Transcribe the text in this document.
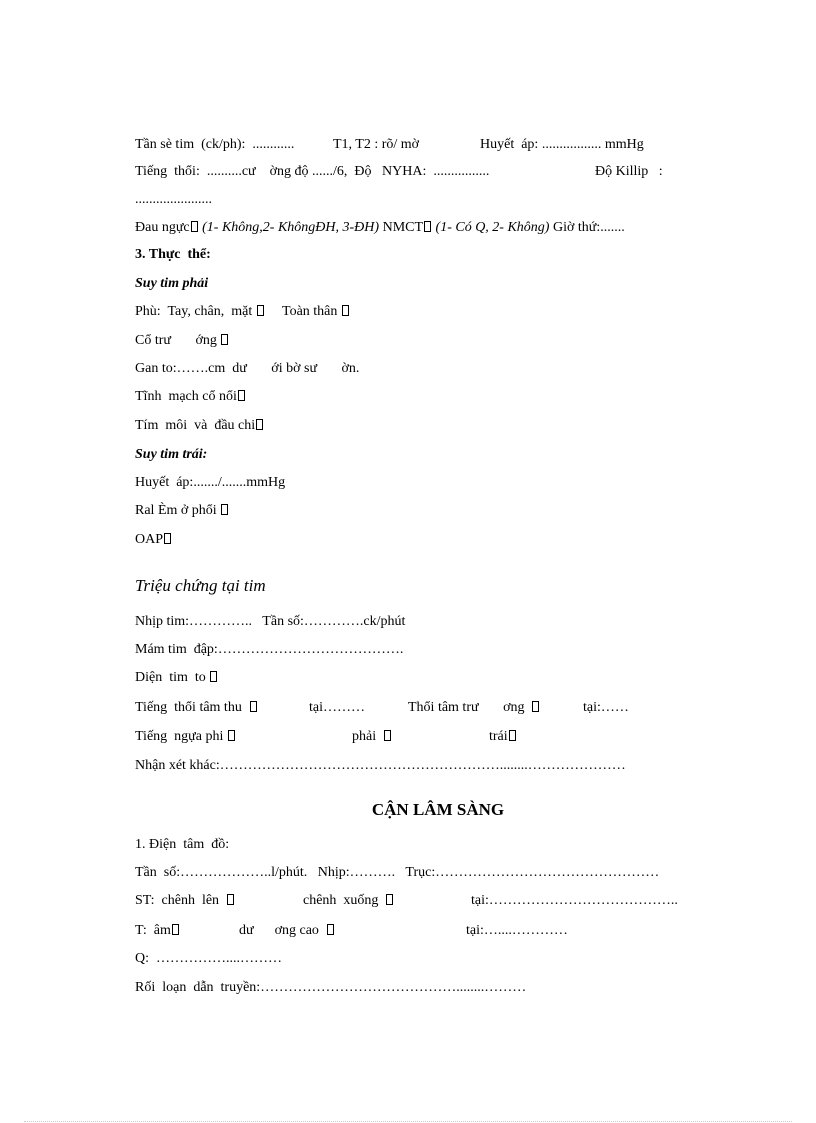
Tần sè tim  (ck/ph):  ............	T1, T2 : rõ/ mờ	Huyết  áp: ................. mmHg
Tiếng  thổi:  ..........cư    ờng độ ....../6,  Độ   NYHA:  ................	Độ Killip   :
......................
Đau ngực (1- Không,2- KhôngĐH, 3-ĐH) NMCT (1- Có Q, 2- Không) Giờ thứ:.......
3. Thực  thể:
Suy tim phải
Phù: Tay, chân,  mặt Toàn thân
Cổ trư       ớng
Gan to:…….cm  dư       ới bờ sư       ờn.
Tĩnh  mạch cổ nổi
Tím  môi  và  đầu chi
Suy tim trái:
Huyết  áp:......./.......mmHg
Ral Èm ở phổi
OAP
Triệu chứng tại tim
Nhịp tim:…………..   Tần số:………….ck/phút
Mám tim  đập:………………………………….
Diện  tim  to
Tiếng  thổi tâm thu	tại………	Thổi tâm trư       ơng	tại:……
Tiếng  ngựa phi	phải	trái
Nhận xét khác:……………………………………………………........…………………
CẬN LÂM SÀNG
1. Điện  tâm  đồ:
Tần  số:………………..l/phút.   Nhịp:……….   Trục:…………………………………………
ST:  chênh  lên	chênh  xuống	tại:…………………………………..
T:  âm	dư      ơng cao	tại:…....…………
Q:  ……………....………
Rối  loạn  dẫn  truyền:……………………………………........………
